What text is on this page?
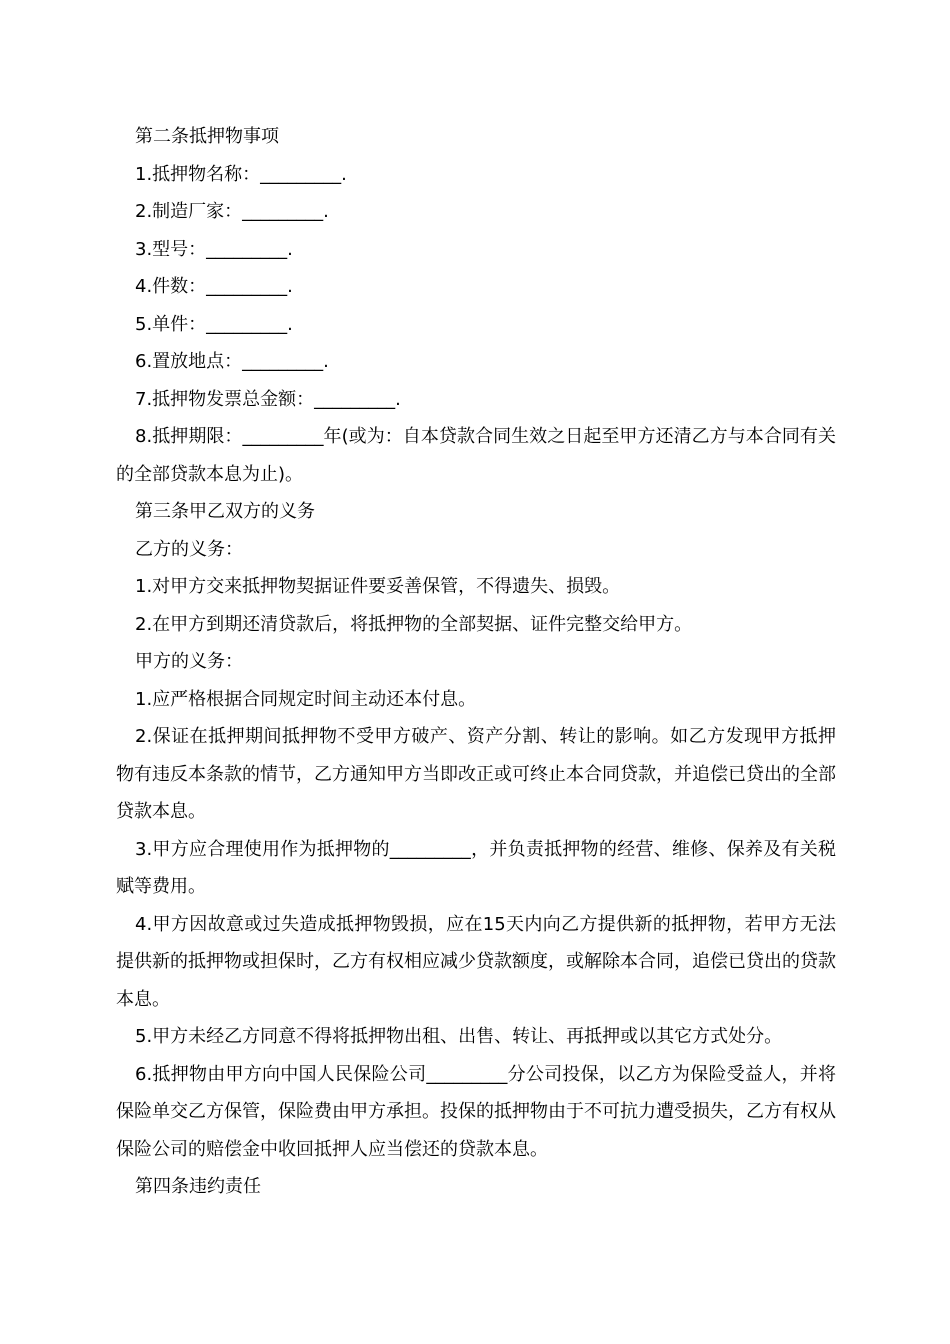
第二条抵押物事项

1.抵押物名称：_________.

2.制造厂家：_________.

3.型号：_________.

4.件数：_________.

5.单件：_________.

6.置放地点：_________.

7.抵押物发票总金额：_________.

8.抵押期限：_________年(或为：自本贷款合同生效之日起至甲方还清乙方与本合同有关的全部贷款本息为止)。

第三条甲乙双方的义务

乙方的义务：

1.对甲方交来抵押物契据证件要妥善保管，不得遗失、损毁。

2.在甲方到期还清贷款后，将抵押物的全部契据、证件完整交给甲方。

甲方的义务：

1.应严格根据合同规定时间主动还本付息。

2.保证在抵押期间抵押物不受甲方破产、资产分割、转让的影响。如乙方发现甲方抵押物有违反本条款的情节，乙方通知甲方当即改正或可终止本合同贷款，并追偿已贷出的全部贷款本息。

3.甲方应合理使用作为抵押物的_________，并负责抵押物的经营、维修、保养及有关税赋等费用。

4.甲方因故意或过失造成抵押物毁损，应在15天内向乙方提供新的抵押物，若甲方无法提供新的抵押物或担保时，乙方有权相应减少贷款额度，或解除本合同，追偿已贷出的贷款本息。

5.甲方未经乙方同意不得将抵押物出租、出售、转让、再抵押或以其它方式处分。

6.抵押物由甲方向中国人民保险公司_________分公司投保，以乙方为保险受益人，并将保险单交乙方保管，保险费由甲方承担。投保的抵押物由于不可抗力遭受损失，乙方有权从保险公司的赔偿金中收回抵押人应当偿还的贷款本息。

第四条违约责任
